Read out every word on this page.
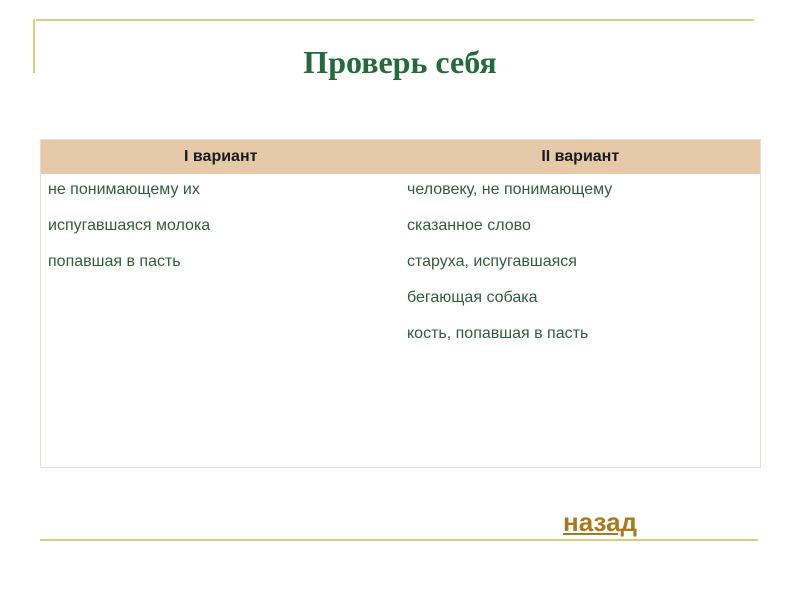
Проверь себя
I вариант	II вариант
не понимающему их
испугавшаяся молока
попавшая в пасть
человеку, не понимающему
сказанное слово
старуха, испугавшаяся
бегающая собака
кость, попавшая в пасть
назад
